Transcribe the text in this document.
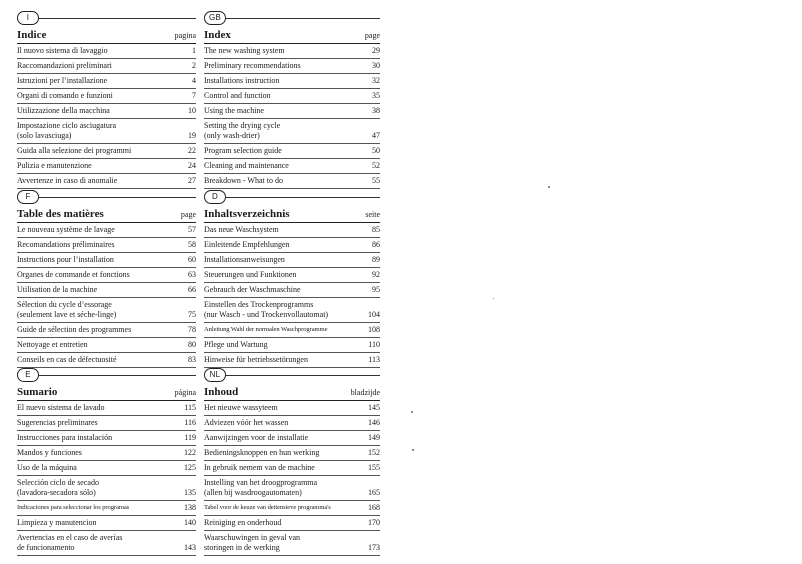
I
Indice	pagina
Il nuovo sistema di lavaggio	1
Raccomandazioni preliminari	2
Istruzioni per l’installazione	4
Organi di comando e funzioni	7
Utilizzazione della macchina	10
Impostazione ciclo asciugatura
(solo lavasciuga)	19
Guida alla selezione dei programmi	22
Pulizia e manutenzione	24
Avvertenze in caso di anomalie	27
GB
Index	page
The new washing system	29
Preliminary recommendations	30
Installations instruction	32
Control and function	35
Using the machine	38
Setting the drying cycle
(only wash-drier)	47
Program selection guide	50
Cleaning and maintenance	52
Breakdown - What to do	55
F
Table des matières	page
Le nouveau système de lavage	57
Recomandations préliminaires	58
Instructions pour l’installation	60
Organes de commande et fonctions	63
Utilisation de la machine	66
Sélection du cycle d’essorage
(seulement lave et séche-linge)	75
Guide de sélection des programmes	78
Nettoyage et entretien	80
Conseils en cas de défectuosité	83
D
Inhaltsverzeichnis	seite
Das neue Waschsystem	85
Einleitende Empfehlungen	86
Installationsanweisungen	89
Steuerungen und Funktionen	92
Gebrauch der Waschmaschine	95
Einstellen des Trockenprogramms
(nur Wasch - und Trockenvollautomat)	104
Anleitung Wahl der normalen Waschprogramme	108
Pflege und Wartung	110
Hinweise für betriebssetörungen	113
E
Sumario	página
El nuevo sistema de lavado	115
Sugerencias preliminares	116
Instrucciones para instalación	119
Mandos y funciones	122
Uso de la máquina	125
Selección ciclo de secado
(lavadora-secadora sólo)	135
Indicaciones para seleccionar los programas	138
Limpieza y manutencion	140
Avertencias en el caso de averías
de funcionamento	143
NL
Inhoud	bladzijde
Het nieuwe wassyteem	145
Adviezen vóór het wassen	146
Aanwijzingen voor de installatie	149
Bedieningsknoppen en hun werking	152
In gebruik nemem van de machine	155
Instelling van het droogprogramma
(allen bij wasdroogautomaten)	165
Tabel voor de keuze van deitensieve programma's	168
Reiniging en onderhoud	170
Waarschuwingen in geval van
storingen in de werking	173
